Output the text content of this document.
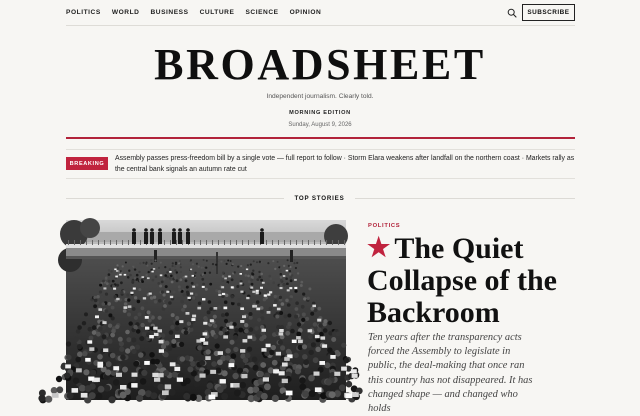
POLITICS WORLD BUSINESS CULTURE SCIENCE OPINION	SUBSCRIBE
BROADSHEET
Independent journalism. Clearly told.
MORNING EDITION
Sunday, August 9, 2026
BREAKING
Assembly passes press-freedom bill by a single vote — full report to follow · Storm Elara weakens after landfall on the northern coast · Markets rally as the central bank signals an autumn rate cut
TOP STORIES
POLITICS
★ The Quiet Collapse of the Backroom

Ten years after the transparency acts forced the Assembly to legislate in public, the deal-making that once ran this country has not disappeared. It has changed shape — and changed who holds
